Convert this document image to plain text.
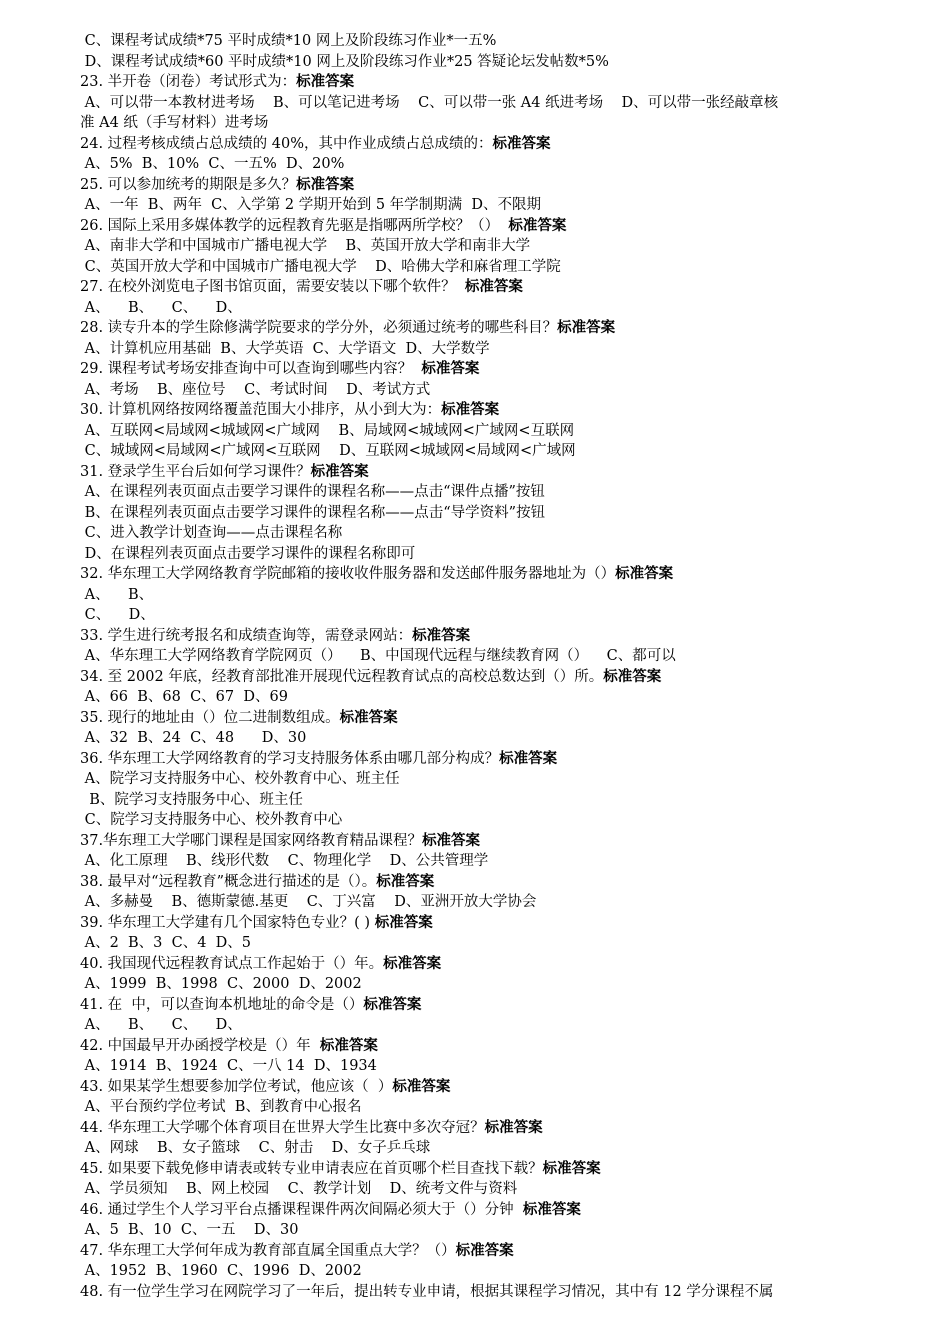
C、课程考试成绩*75 平时成绩*10 网上及阶段练习作业*一五%
D、课程考试成绩*60 平时成绩*10 网上及阶段练习作业*25 答疑论坛发帖数*5%
23. 半开卷（闭卷）考试形式为：标准答案
A、可以带一本教材进考场    B、可以笔记进考场    C、可以带一张 A4 纸进考场    D、可以带一张经敲章核
准 A4 纸（手写材料）进考场
24. 过程考核成绩占总成绩的 40%，其中作业成绩占总成绩的：标准答案
A、5%  B、10%  C、一五%  D、20%
25. 可以参加统考的期限是多久？标准答案
A、一年  B、两年  C、入学第 2 学期开始到 5 年学制期满  D、不限期
26. 国际上采用多媒体教学的远程教育先驱是指哪两所学校？（）  标准答案
A、南非大学和中国城市广播电视大学    B、英国开放大学和南非大学
C、英国开放大学和中国城市广播电视大学    D、哈佛大学和麻省理工学院
27. 在校外浏览电子图书馆页面，需要安装以下哪个软件？  标准答案
A、    B、    C、    D、
28. 读专升本的学生除修满学院要求的学分外，必须通过统考的哪些科目？标准答案
A、计算机应用基础  B、大学英语  C、大学语文  D、大学数学
29. 课程考试考场安排查询中可以查询到哪些内容？  标准答案
A、考场    B、座位号    C、考试时间    D、考试方式
30. 计算机网络按网络覆盖范围大小排序，从小到大为：标准答案
A、互联网<局域网<城域网<广域网    B、局域网<城域网<广域网<互联网
C、城域网<局域网<广域网<互联网    D、互联网<城域网<局域网<广域网
31. 登录学生平台后如何学习课件？标准答案
A、在课程列表页面点击要学习课件的课程名称——点击“课件点播”按钮
B、在课程列表页面点击要学习课件的课程名称——点击“导学资料”按钮
C、进入教学计划查询——点击课程名称
D、在课程列表页面点击要学习课件的课程名称即可
32. 华东理工大学网络教育学院邮箱的接收收件服务器和发送邮件服务器地址为（）标准答案
A、    B、
C、    D、
33. 学生进行统考报名和成绩查询等，需登录网站：标准答案
A、华东理工大学网络教育学院网页（）    B、中国现代远程与继续教育网（）    C、都可以
34. 至 2002 年底，经教育部批准开展现代远程教育试点的高校总数达到（）所。标准答案
A、66  B、68  C、67  D、69
35. 现行的地址由（）位二进制数组成。标准答案
A、32  B、24  C、48      D、30
36. 华东理工大学网络教育的学习支持服务体系由哪几部分构成？标准答案
A、院学习支持服务中心、校外教育中心、班主任
B、院学习支持服务中心、班主任
C、院学习支持服务中心、校外教育中心
37.华东理工大学哪门课程是国家网络教育精品课程？标准答案
A、化工原理    B、线形代数    C、物理化学    D、公共管理学
38. 最早对“远程教育”概念进行描述的是（）。标准答案
A、多赫曼    B、德斯蒙德.基更    C、丁兴富    D、亚洲开放大学协会
39. 华东理工大学建有几个国家特色专业？( ) 标准答案
A、2  B、3  C、4  D、5
40. 我国现代远程教育试点工作起始于（）年。标准答案
A、1999  B、1998  C、2000  D、2002
41. 在  中，可以查询本机地址的命令是（）标准答案
A、    B、    C、    D、
42. 中国最早开办函授学校是（）年  标准答案
A、1914  B、1924  C、一八 14  D、1934
43. 如果某学生想要参加学位考试，他应该（  ）标准答案
A、平台预约学位考试  B、到教育中心报名
44. 华东理工大学哪个体育项目在世界大学生比赛中多次夺冠？标准答案
A、网球    B、女子篮球    C、射击    D、女子乒乓球
45. 如果要下载免修申请表或转专业申请表应在首页哪个栏目查找下载？标准答案
A、学员须知    B、网上校园    C、教学计划    D、统考文件与资料
46. 通过学生个人学习平台点播课程课件两次间隔必须大于（）分钟  标准答案
A、5  B、10  C、一五    D、30
47. 华东理工大学何年成为教育部直属全国重点大学？（）标准答案
A、1952  B、1960  C、1996  D、2002
48. 有一位学生学习在网院学习了一年后，提出转专业申请，根据其课程学习情况，其中有 12 学分课程不属
